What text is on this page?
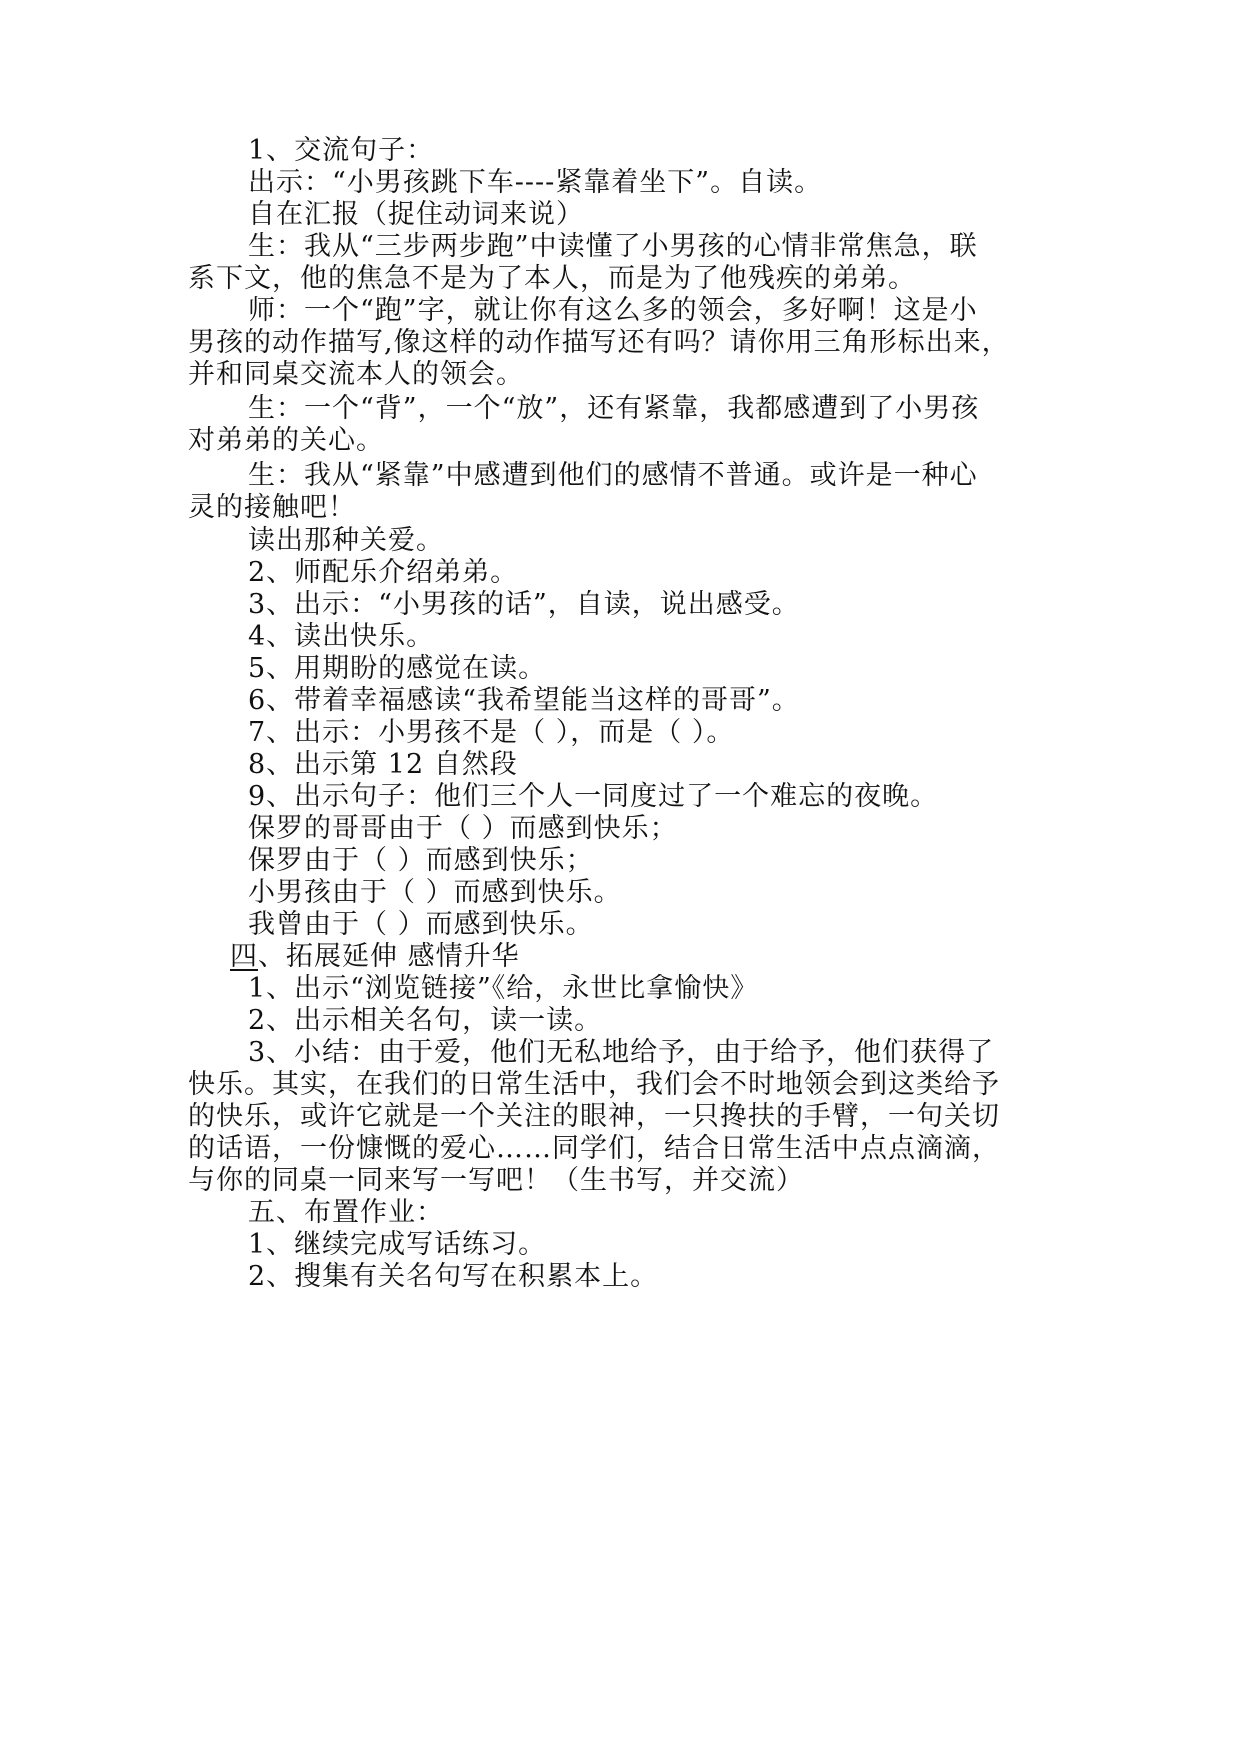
1、交流句子：
出示：“小男孩跳下车----紧靠着坐下”。自读。
自在汇报（捉住动词来说）
生：我从“三步两步跑”中读懂了小男孩的心情非常焦急，联
系下文，他的焦急不是为了本人，而是为了他残疾的弟弟。
师：一个“跑”字，就让你有这么多的领会，多好啊！这是小
男孩的动作描写,像这样的动作描写还有吗？请你用三角形标出来，
并和同桌交流本人的领会。
生：一个“背”，一个“放”，还有紧靠，我都感遭到了小男孩
对弟弟的关心。
生：我从“紧靠”中感遭到他们的感情不普通。或许是一种心
灵的接触吧！
读出那种关爱。
2、师配乐介绍弟弟。
3、出示：“小男孩的话”，自读，说出感受。
4、读出快乐。
5、用期盼的感觉在读。
6、带着幸福感读“我希望能当这样的哥哥”。
7、出示：小男孩不是（ ），而是（ ）。
8、出示第 12 自然段
9、出示句子：他们三个人一同度过了一个难忘的夜晚。
保罗的哥哥由于（ ）而感到快乐；
保罗由于（ ）而感到快乐；
小男孩由于（ ）而感到快乐。
我曾由于（ ）而感到快乐。
四、拓展延伸 感情升华
1、出示“浏览链接”《给，永世比拿愉快》
2、出示相关名句，读一读。
3、小结：由于爱，他们无私地给予，由于给予，他们获得了
快乐。其实，在我们的日常生活中，我们会不时地领会到这类给予
的快乐，或许它就是一个关注的眼神，一只搀扶的手臂，一句关切
的话语，一份慷慨的爱心……同学们，结合日常生活中点点滴滴，
与你的同桌一同来写一写吧！（生书写，并交流）
五、布置作业：
1、继续完成写话练习。
2、搜集有关名句写在积累本上。
